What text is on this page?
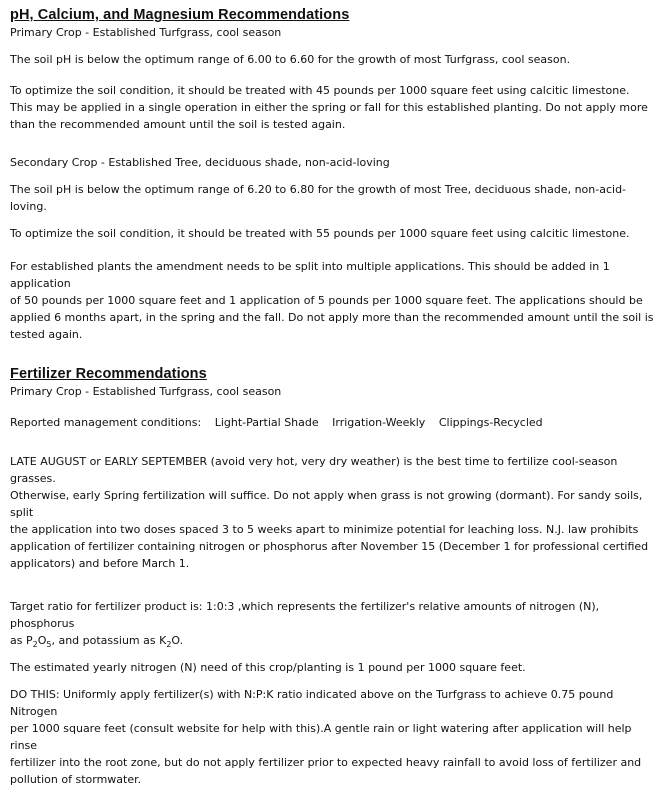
pH, Calcium, and Magnesium Recommendations

Primary Crop - Established Turfgrass, cool season

The soil pH is below the optimum range of 6.00 to 6.60 for the growth of most Turfgrass, cool season.

To optimize the soil condition, it should be treated with 45 pounds per 1000 square feet using calcitic limestone.

This may be applied in a single operation in either the spring or fall for this established planting. Do not apply more

than the recommended amount until the soil is tested again.

Secondary Crop - Established Tree, deciduous shade, non-acid-loving

The soil pH is below the optimum range of 6.20 to 6.80 for the growth of most Tree, deciduous shade, non-acid-loving.

To optimize the soil condition, it should be treated with 55 pounds per 1000 square feet using calcitic limestone.

For established plants the amendment needs to be split into multiple applications. This should be added in 1 application

of 50 pounds per 1000 square feet and 1 application of 5 pounds per 1000 square feet. The applications should be

applied 6 months apart, in the spring and the fall. Do not apply more than the recommended amount until the soil is

tested again.

Fertilizer Recommendations

Primary Crop - Established Turfgrass, cool season

Reported management conditions: Light-Partial Shade Irrigation-Weekly Clippings-Recycled

LATE AUGUST or EARLY SEPTEMBER (avoid very hot, very dry weather) is the best time to fertilize cool-season grasses.

Otherwise, early Spring fertilization will suffice. Do not apply when grass is not growing (dormant). For sandy soils, split

the application into two doses spaced 3 to 5 weeks apart to minimize potential for leaching loss. N.J. law prohibits

application of fertilizer containing nitrogen or phosphorus after November 15 (December 1 for professional certified

applicators) and before March 1.

Target ratio for fertilizer product is: 1:0:3 ,which represents the fertilizer's relative amounts of nitrogen (N), phosphorus

as $P_2O_5$, and potassium as $K_2O$.

The estimated yearly nitrogen (N) need of this crop/planting is 1 pound per 1000 square feet.

DO THIS: Uniformly apply fertilizer(s) with N:P:K ratio indicated above on the Turfgrass to achieve 0.75 pound Nitrogen

per 1000 square feet (consult website for help with this).A gentle rain or light watering after application will help rinse

fertilizer into the root zone, but do not apply fertilizer prior to expected heavy rainfall to avoid loss of fertilizer and

pollution of stormwater.
